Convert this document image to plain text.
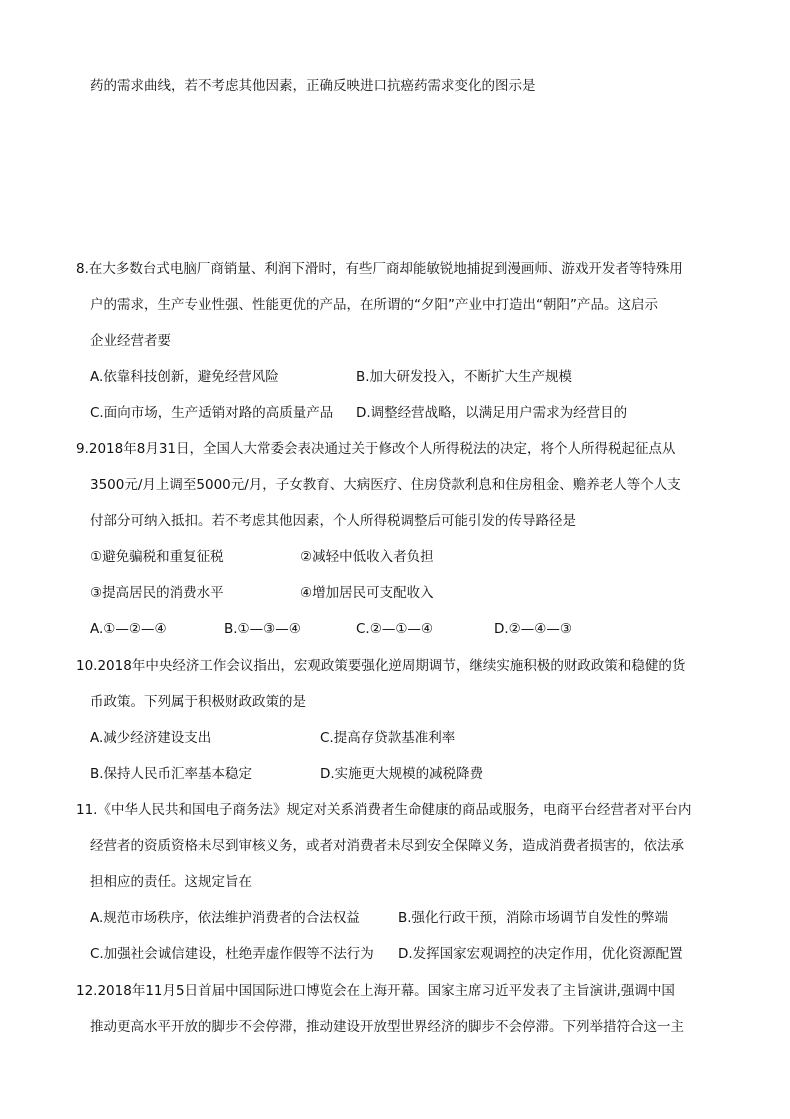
药的需求曲线，若不考虑其他因素，正确反映进口抗癌药需求变化的图示是
8.在大多数台式电脑厂商销量、利润下滑时，有些厂商却能敏锐地捕捉到漫画师、游戏开发者等特殊用
户的需求，生产专业性强、性能更优的产品，在所谓的“夕阳”产业中打造出“朝阳”产品。这启示
企业经营者要
A.依靠科技创新，避免经营风险	B.加大研发投入，不断扩大生产规模
C.面向市场，生产适销对路的高质量产品 D.调整经营战略，以满足用户需求为经营目的
9.2018年8月31日，全国人大常委会表决通过关于修改个人所得税法的决定，将个人所得税起征点从
3500元/月上调至5000元/月，子女教育、大病医疗、住房贷款利息和住房租金、赡养老人等个人支
付部分可纳入抵扣。若不考虑其他因素，个人所得税调整后可能引发的传导路径是
①避免骗税和重复征税	②减轻中低收入者负担
③提高居民的消费水平	④增加居民可支配收入
A.①—②—④	B.①—③—④	C.②—①—④	D.②—④—③
10.2018年中央经济工作会议指出，宏观政策要强化逆周期调节，继续实施积极的财政政策和稳健的货
币政策。下列属于积极财政政策的是
A.减少经济建设支出	C.提高存贷款基准利率
B.保持人民币汇率基本稳定	D.实施更大规模的减税降费
11.《中华人民共和国电子商务法》规定对关系消费者生命健康的商品或服务，电商平台经营者对平台内
经营者的资质资格未尽到审核义务，或者对消费者未尽到安全保障义务，造成消费者损害的，依法承
担相应的责任。这规定旨在
A.规范市场秩序，依法维护消费者的合法权益	B.强化行政干预，消除市场调节自发性的弊端
C.加强社会诚信建设，杜绝弄虚作假等不法行为 D.发挥国家宏观调控的决定作用，优化资源配置
12.2018年11月5日首届中国国际进口博览会在上海开幕。国家主席习近平发表了主旨演讲,强调中国
推动更高水平开放的脚步不会停滞，推动建设开放型世界经济的脚步不会停滞。下列举措符合这一主
